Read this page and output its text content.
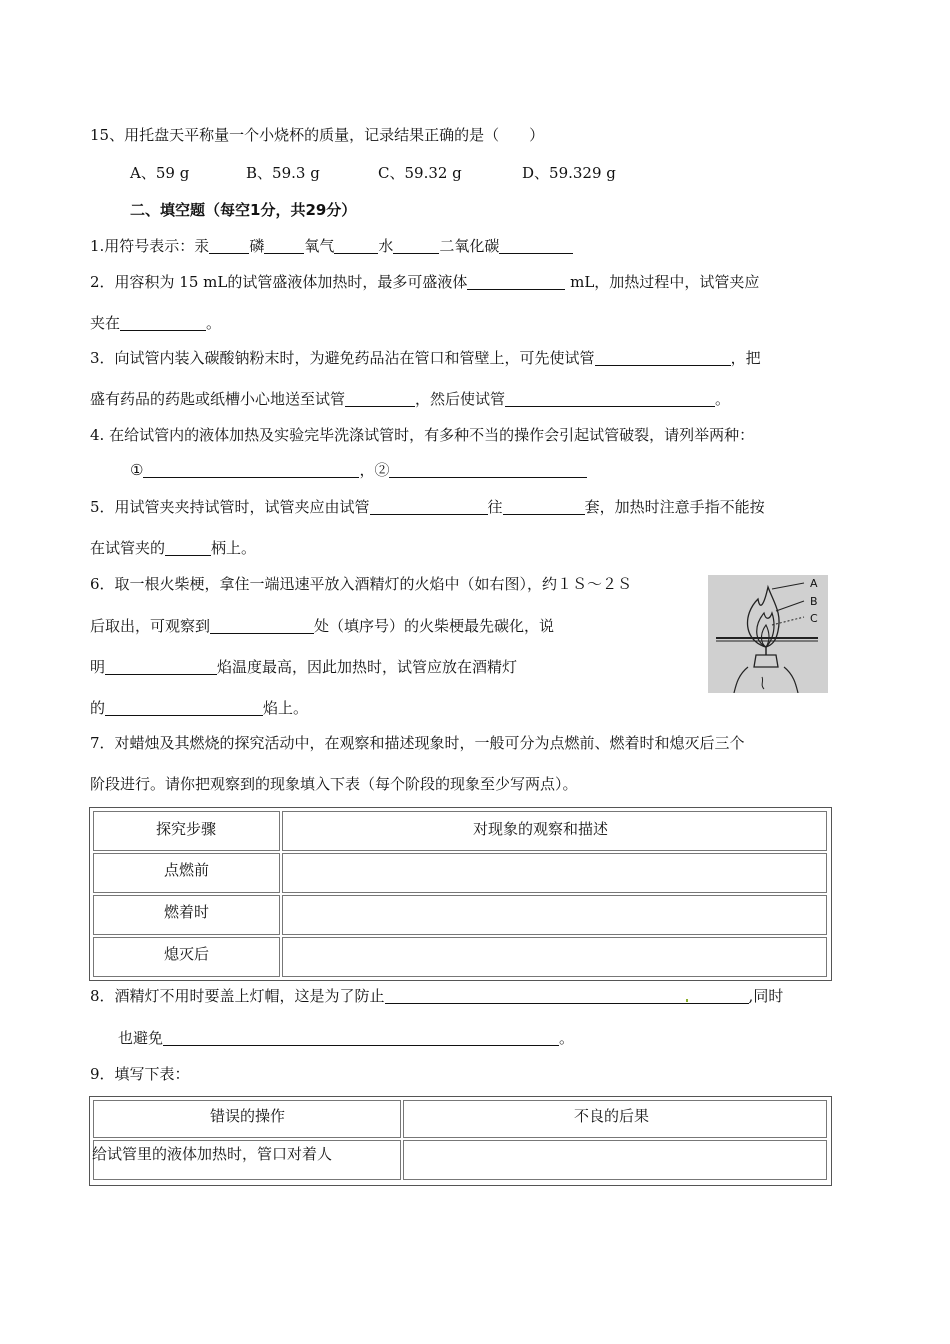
15、用托盘天平称量一个小烧杯的质量，记录结果正确的是（　　）
A、59 g	B、59.3 g	C、59.32 g	D、59.329 g
二、填空题（每空1分，共29分）
1.用符号表示：汞	磷	氧气	水	二氧化碳
2．用容积为 15 mL的试管盛液体加热时，最多可盛液体	mL，加热过程中，试管夹应
夹在	。
3．向试管内装入碳酸钠粉末时，为避免药品沾在管口和管壁上，可先使试管	，把
盛有药品的药匙或纸槽小心地送至试管	，然后使试管	。
4. 在给试管内的液体加热及实验完毕洗涤试管时，有多种不当的操作会引起试管破裂，请列举两种：
①	，②
5．用试管夹夹持试管时，试管夹应由试管	往	套，加热时注意手指不能按
在试管夹的	柄上。
6．取一根火柴梗，拿住一端迅速平放入酒精灯的火焰中（如右图），约１Ｓ～２Ｓ
后取出，可观察到	处（填序号）的火柴梗最先碳化，说
明	焰温度最高，因此加热时，试管应放在酒精灯
的	焰上。
A
B
C
7．对蜡烛及其燃烧的探究活动中，在观察和描述现象时，一般可分为点燃前、燃着时和熄灭后三个
阶段进行。请你把观察到的现象填入下表（每个阶段的现象至少写两点）。
探究步骤	对现象的观察和描述
点燃前
燃着时
熄灭后
8．酒精灯不用时要盖上灯帽，这是为了防止	,同时
也避免	。
9．填写下表：
错误的操作	不良的后果
给试管里的液体加热时，管口对着人
